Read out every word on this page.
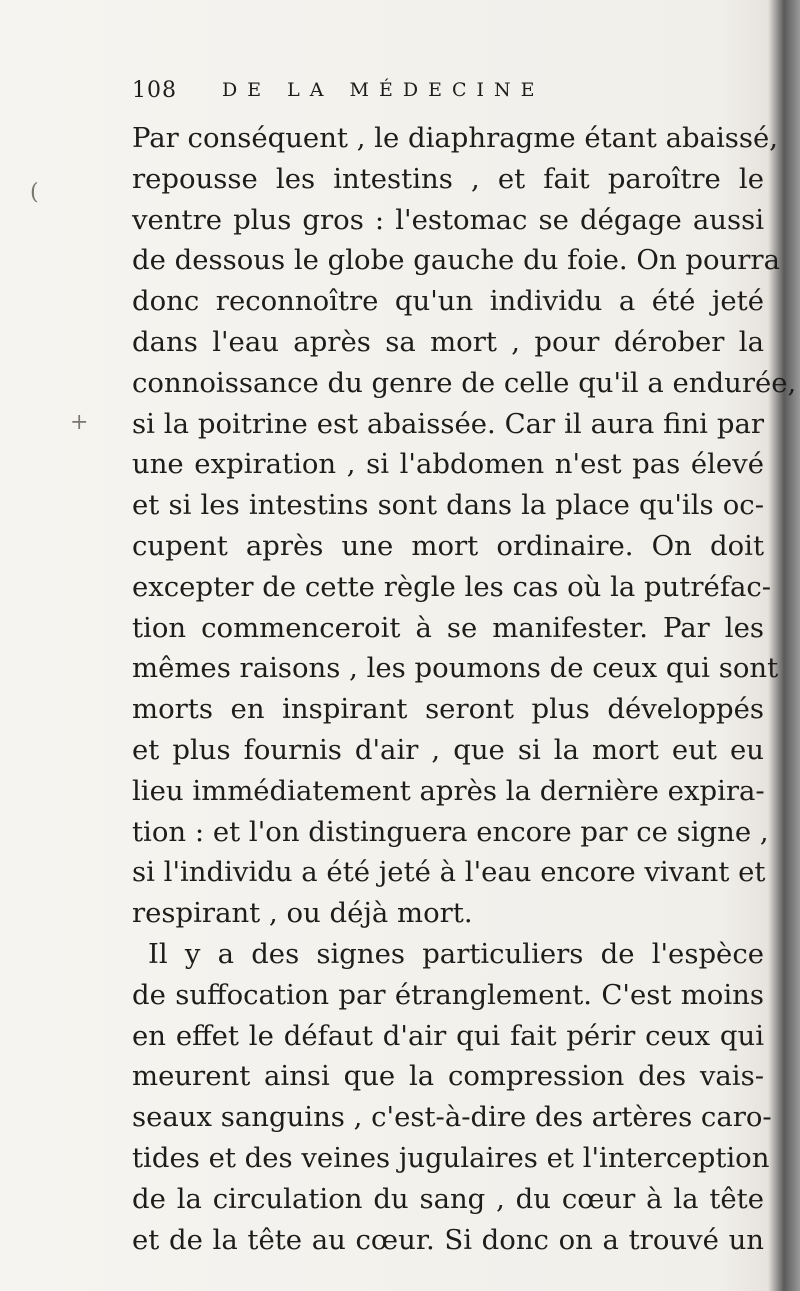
108	DE LA MÉDECINE
(
+
Par conséquent , le diaphragme étant abaissé,
repousse les intestins , et fait paroître le
ventre plus gros : l'estomac se dégage aussi
de dessous le globe gauche du foie. On pourra
donc reconnoître qu'un individu a été jeté
dans l'eau après sa mort , pour dérober la
connoissance du genre de celle qu'il a endurée,
si la poitrine est abaissée. Car il aura fini par
une expiration , si l'abdomen n'est pas élevé
et si les intestins sont dans la place qu'ils oc-
cupent après une mort ordinaire. On doit
excepter de cette règle les cas où la putréfac-
tion commenceroit à se manifester. Par les
mêmes raisons , les poumons de ceux qui sont
morts en inspirant seront plus développés
et plus fournis d'air , que si la mort eut eu
lieu immédiatement après la dernière expira-
tion : et l'on distinguera encore par ce signe ,
si l'individu a été jeté à l'eau encore vivant et
respirant , ou déjà mort.
Il y a des signes particuliers de l'espèce
de suffocation par étranglement. C'est moins
en effet le défaut d'air qui fait périr ceux qui
meurent ainsi que la compression des vais-
seaux sanguins , c'est-à-dire des artères caro-
tides et des veines jugulaires et l'interception
de la circulation du sang , du cœur à la tête
et de la tête au cœur. Si donc on a trouvé un
